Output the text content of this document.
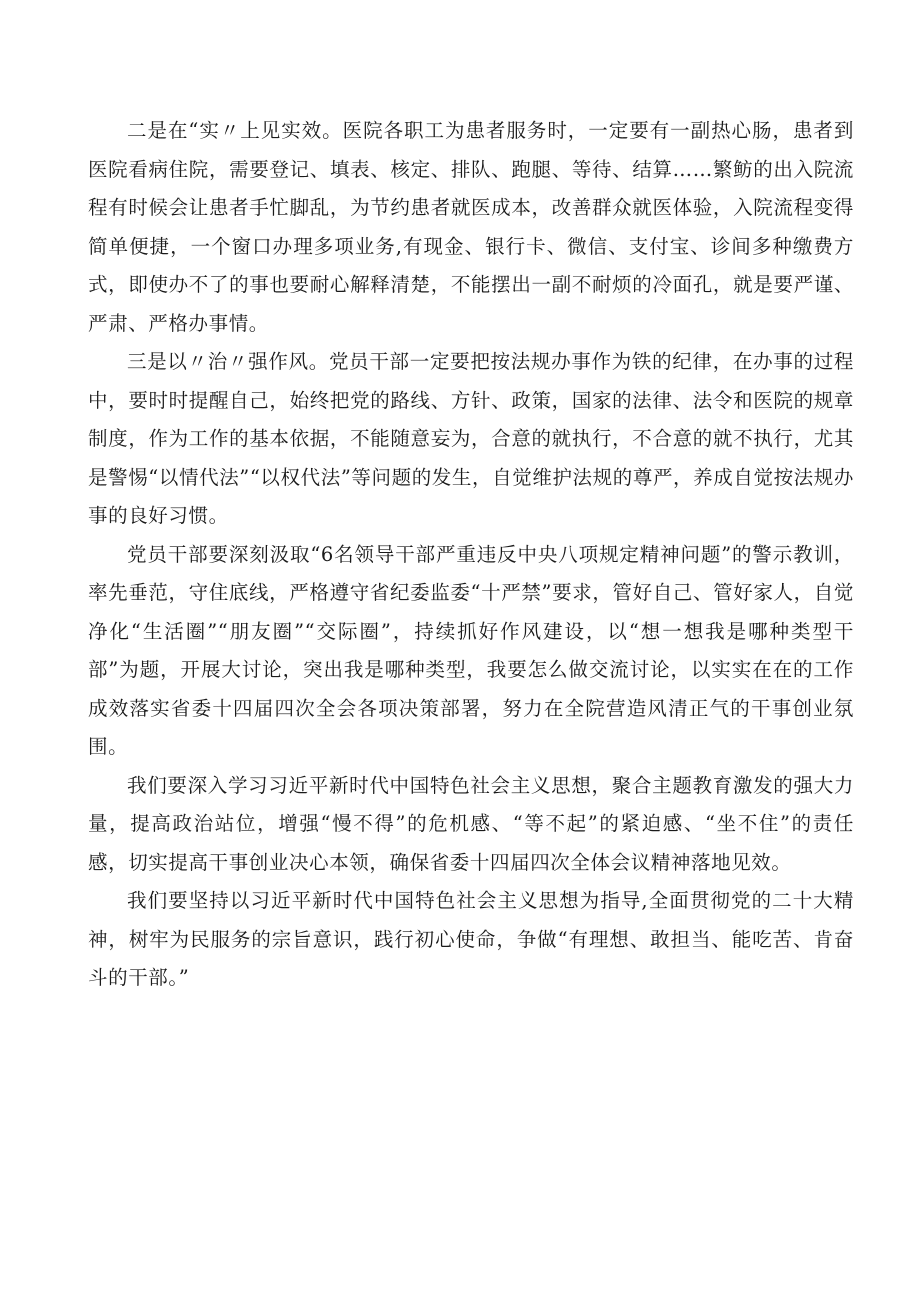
二是在“实〃上见实效。医院各职工为患者服务时，一定要有一副热心肠，患者到医院看病住院，需要登记、填表、核定、排队、跑腿、等待、结算……繁鲂的出入院流程有时候会让患者手忙脚乱，为节约患者就医成本，改善群众就医体验，入院流程变得简单便捷，一个窗口办理多项业务,有现金、银行卡、微信、支付宝、诊间多种缴费方式，即使办不了的事也要耐心解释清楚，不能摆出一副不耐烦的冷面孔，就是要严谨、严肃、严格办事情。

三是以〃治〃强作风。党员干部一定要把按法规办事作为铁的纪律，在办事的过程中，要时时提醒自己，始终把党的路线、方针、政策，国家的法律、法令和医院的规章制度，作为工作的基本依据，不能随意妄为，合意的就执行，不合意的就不执行，尤其是警惕“以情代法”“以权代法”等问题的发生，自觉维护法规的尊严，养成自觉按法规办事的良好习惯。

党员干部要深刻汲取“6名领导干部严重违反中央八项规定精神问题”的警示教训，率先垂范，守住底线，严格遵守省纪委监委“十严禁”要求，管好自己、管好家人，自觉净化“生活圈”“朋友圈”“交际圈”，持续抓好作风建设，以“想一想我是哪种类型干部”为题，开展大讨论，突出我是哪种类型，我要怎么做交流讨论，以实实在在的工作成效落实省委十四届四次全会各项决策部署，努力在全院营造风清正气的干事创业氛围。

我们要深入学习习近平新时代中国特色社会主义思想，聚合主题教育激发的强大力量，提高政治站位，增强“慢不得”的危机感、“等不起”的紧迫感、“坐不住”的责任感，切实提高干事创业决心本领，确保省委十四届四次全体会议精神落地见效。

我们要坚持以习近平新时代中国特色社会主义思想为指导,全面贯彻党的二十大精神，树牢为民服务的宗旨意识，践行初心使命，争做“有理想、敢担当、能吃苦、肯奋斗的干部。”
